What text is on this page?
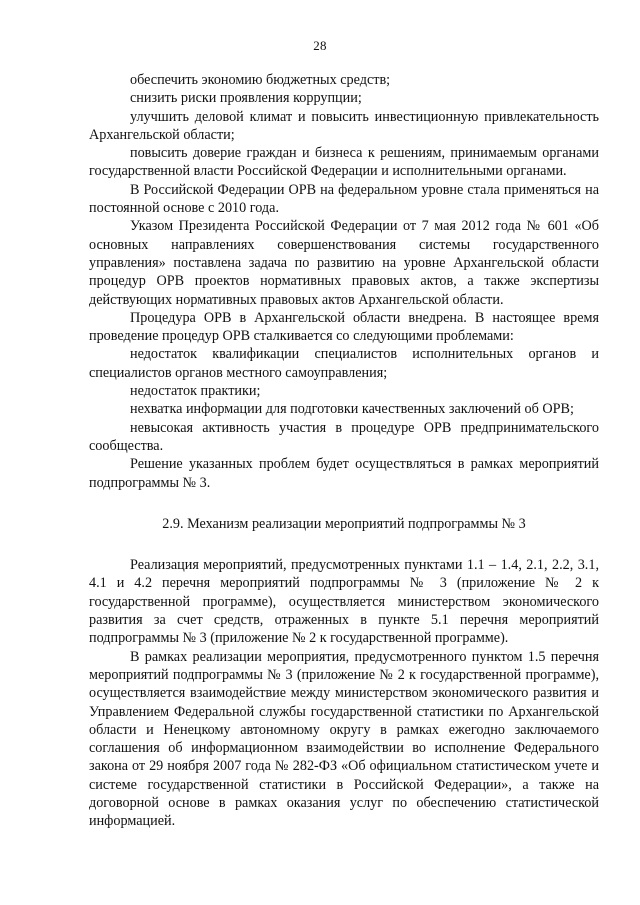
28

обеспечить экономию бюджетных средств;

снизить риски проявления коррупции;

улучшить деловой климат и повысить инвестиционную привлекательность Архангельской области;

повысить доверие граждан и бизнеса к решениям, принимаемым органами государственной власти Российской Федерации и исполнительными органами.

В Российской Федерации ОРВ на федеральном уровне стала применяться на постоянной основе с 2010 года.

Указом Президента Российской Федерации от 7 мая 2012 года № 601 «Об основных направлениях совершенствования системы государственного управления» поставлена задача по развитию на уровне Архангельской области процедур ОРВ проектов нормативных правовых актов, а также экспертизы действующих нормативных правовых актов Архангельской области.

Процедура ОРВ в Архангельской области внедрена. В настоящее время проведение процедур ОРВ сталкивается со следующими проблемами:

недостаток квалификации специалистов исполнительных органов и специалистов органов местного самоуправления;

недостаток практики;

нехватка информации для подготовки качественных заключений об ОРВ;

невысокая активность участия в процедуре ОРВ предпринимательского сообщества.

Решение указанных проблем будет осуществляться в рамках мероприятий подпрограммы № 3.

2.9. Механизм реализации мероприятий подпрограммы № 3

Реализация мероприятий, предусмотренных пунктами 1.1 – 1.4, 2.1, 2.2, 3.1, 4.1 и 4.2 перечня мероприятий подпрограммы № 3 (приложение № 2 к государственной программе), осуществляется министерством экономического развития за счет средств, отраженных в пункте 5.1 перечня мероприятий подпрограммы № 3 (приложение № 2 к государственной программе).

В рамках реализации мероприятия, предусмотренного пунктом 1.5 перечня мероприятий подпрограммы № 3 (приложение № 2 к государственной программе), осуществляется взаимодействие между министерством экономического развития и Управлением Федеральной службы государственной статистики по Архангельской области и Ненецкому автономному округу в рамках ежегодно заключаемого соглашения об информационном взаимодействии во исполнение Федерального закона от 29 ноября 2007 года № 282-ФЗ «Об официальном статистическом учете и системе государственной статистики в Российской Федерации», а также на договорной основе в рамках оказания услуг по обеспечению статистической информацией.
